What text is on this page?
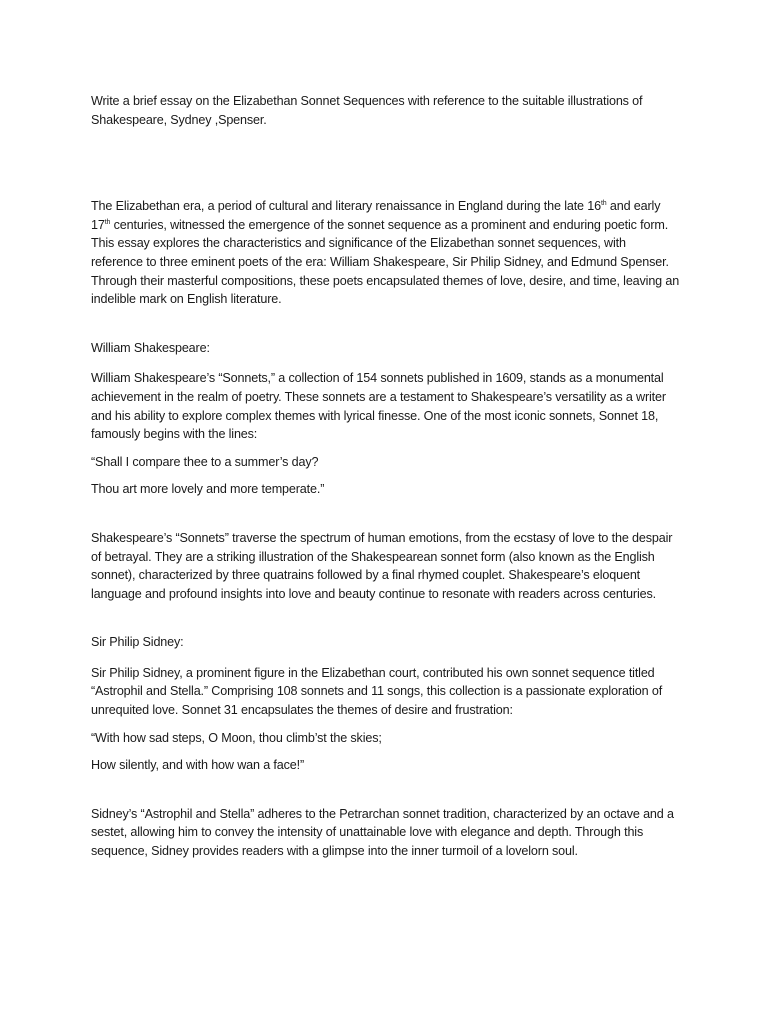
Write a brief essay on the Elizabethan Sonnet Sequences with reference to the suitable illustrations of Shakespeare, Sydney ,Spenser.

The Elizabethan era, a period of cultural and literary renaissance in England during the late 16th and early 17th centuries, witnessed the emergence of the sonnet sequence as a prominent and enduring poetic form. This essay explores the characteristics and significance of the Elizabethan sonnet sequences, with reference to three eminent poets of the era: William Shakespeare, Sir Philip Sidney, and Edmund Spenser. Through their masterful compositions, these poets encapsulated themes of love, desire, and time, leaving an indelible mark on English literature.

William Shakespeare:

William Shakespeare’s “Sonnets,” a collection of 154 sonnets published in 1609, stands as a monumental achievement in the realm of poetry. These sonnets are a testament to Shakespeare’s versatility as a writer and his ability to explore complex themes with lyrical finesse. One of the most iconic sonnets, Sonnet 18, famously begins with the lines:

“Shall I compare thee to a summer’s day?

Thou art more lovely and more temperate.”

Shakespeare’s “Sonnets” traverse the spectrum of human emotions, from the ecstasy of love to the despair of betrayal. They are a striking illustration of the Shakespearean sonnet form (also known as the English sonnet), characterized by three quatrains followed by a final rhymed couplet. Shakespeare’s eloquent language and profound insights into love and beauty continue to resonate with readers across centuries.

Sir Philip Sidney:

Sir Philip Sidney, a prominent figure in the Elizabethan court, contributed his own sonnet sequence titled “Astrophil and Stella.” Comprising 108 sonnets and 11 songs, this collection is a passionate exploration of unrequited love. Sonnet 31 encapsulates the themes of desire and frustration:

“With how sad steps, O Moon, thou climb’st the skies;

How silently, and with how wan a face!”

Sidney’s “Astrophil and Stella” adheres to the Petrarchan sonnet tradition, characterized by an octave and a sestet, allowing him to convey the intensity of unattainable love with elegance and depth. Through this sequence, Sidney provides readers with a glimpse into the inner turmoil of a lovelorn soul.
